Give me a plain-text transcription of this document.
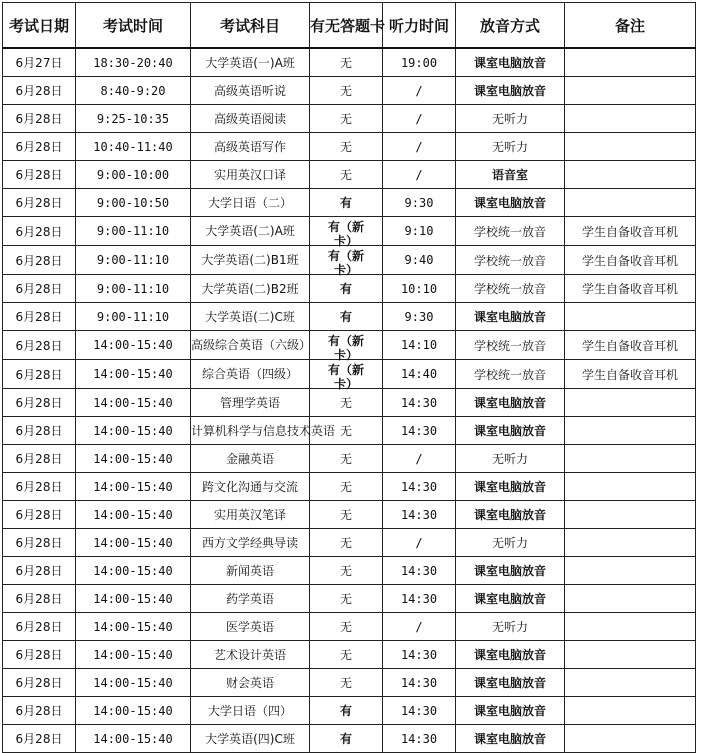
考试日期	考试时间	考试科目	有无答题卡	听力时间	放音方式	备注
6月27日	18:30-20:40	大学英语(一)A班	无	19:00	课室电脑放音	
6月28日	8:40-9:20	高级英语听说	无	/	课室电脑放音	
6月28日	9:25-10:35	高级英语阅读	无	/	无听力	
6月28日	10:40-11:40	高级英语写作	无	/	无听力	
6月28日	9:00-10:00	实用英汉口译	无	/	语音室	
6月28日	9:00-10:50	大学日语（二）	有	9:30	课室电脑放音	
6月28日	9:00-11:10	大学英语(二)A班	有（新卡）	9:10	学校统一放音	学生自备收音耳机
6月28日	9:00-11:10	大学英语(二)B1班	有（新卡）	9:40	学校统一放音	学生自备收音耳机
6月28日	9:00-11:10	大学英语(二)B2班	有	10:10	学校统一放音	学生自备收音耳机
6月28日	9:00-11:10	大学英语(二)C班	有	9:30	课室电脑放音	
6月28日	14:00-15:40	高级综合英语（六级）	有（新卡）	14:10	学校统一放音	学生自备收音耳机
6月28日	14:00-15:40	综合英语（四级）	有（新卡）	14:40	学校统一放音	学生自备收音耳机
6月28日	14:00-15:40	管理学英语	无	14:30	课室电脑放音	
6月28日	14:00-15:40	计算机科学与信息技术英语	无	14:30	课室电脑放音	
6月28日	14:00-15:40	金融英语	无	/	无听力	
6月28日	14:00-15:40	跨文化沟通与交流	无	14:30	课室电脑放音	
6月28日	14:00-15:40	实用英汉笔译	无	14:30	课室电脑放音	
6月28日	14:00-15:40	西方文学经典导读	无	/	无听力	
6月28日	14:00-15:40	新闻英语	无	14:30	课室电脑放音	
6月28日	14:00-15:40	药学英语	无	14:30	课室电脑放音	
6月28日	14:00-15:40	医学英语	无	/	无听力	
6月28日	14:00-15:40	艺术设计英语	无	14:30	课室电脑放音	
6月28日	14:00-15:40	财会英语	无	14:30	课室电脑放音	
6月28日	14:00-15:40	大学日语（四）	有	14:30	课室电脑放音	
6月28日	14:00-15:40	大学英语(四)C班	有	14:30	课室电脑放音	
